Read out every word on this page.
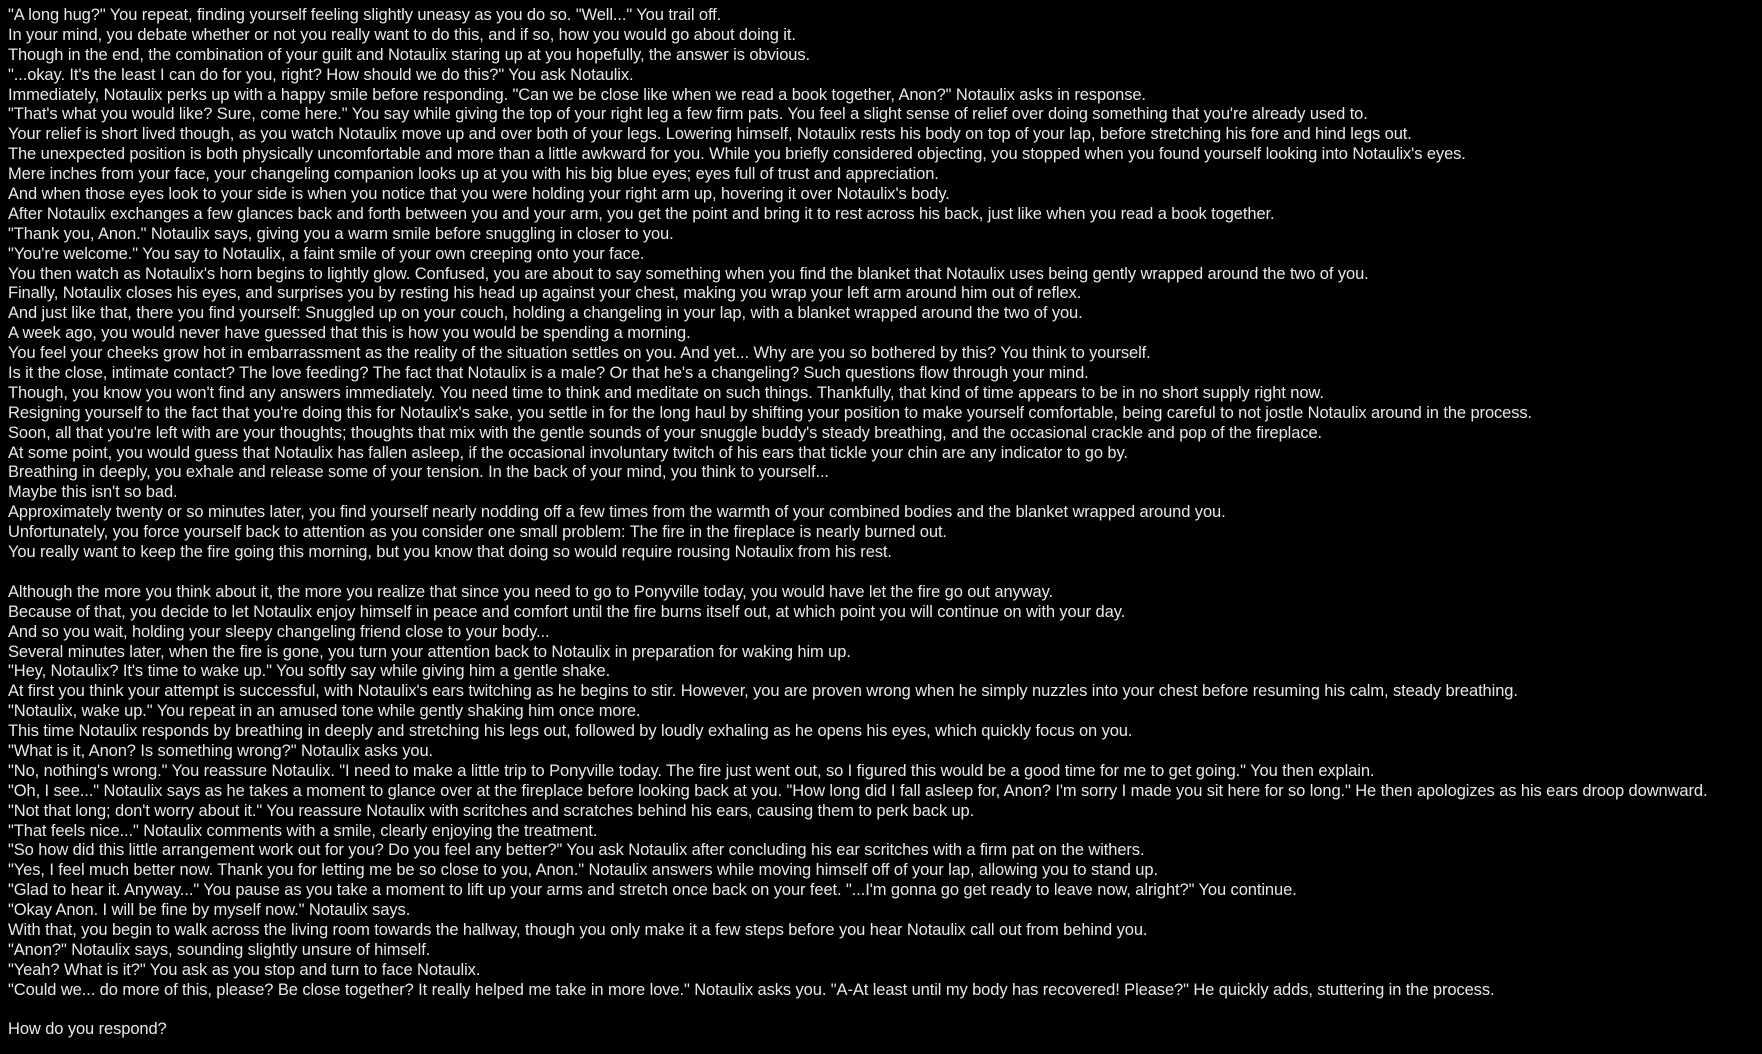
"A long hug?" You repeat, finding yourself feeling slightly uneasy as you do so. "Well..." You trail off.
In your mind, you debate whether or not you really want to do this, and if so, how you would go about doing it.
Though in the end, the combination of your guilt and Notaulix staring up at you hopefully, the answer is obvious.
"...okay. It's the least I can do for you, right? How should we do this?" You ask Notaulix.
Immediately, Notaulix perks up with a happy smile before responding. "Can we be close like when we read a book together, Anon?" Notaulix asks in response.
"That's what you would like? Sure, come here." You say while giving the top of your right leg a few firm pats. You feel a slight sense of relief over doing something that you're already used to.
Your relief is short lived though, as you watch Notaulix move up and over both of your legs. Lowering himself, Notaulix rests his body on top of your lap, before stretching his fore and hind legs out.
The unexpected position is both physically uncomfortable and more than a little awkward for you. While you briefly considered objecting, you stopped when you found yourself looking into Notaulix's eyes.
Mere inches from your face, your changeling companion looks up at you with his big blue eyes; eyes full of trust and appreciation.
And when those eyes look to your side is when you notice that you were holding your right arm up, hovering it over Notaulix's body.
After Notaulix exchanges a few glances back and forth between you and your arm, you get the point and bring it to rest across his back, just like when you read a book together.
"Thank you, Anon." Notaulix says, giving you a warm smile before snuggling in closer to you.
"You're welcome." You say to Notaulix, a faint smile of your own creeping onto your face.
You then watch as Notaulix's horn begins to lightly glow. Confused, you are about to say something when you find the blanket that Notaulix uses being gently wrapped around the two of you.
Finally, Notaulix closes his eyes, and surprises you by resting his head up against your chest, making you wrap your left arm around him out of reflex.
And just like that, there you find yourself: Snuggled up on your couch, holding a changeling in your lap, with a blanket wrapped around the two of you.
A week ago, you would never have guessed that this is how you would be spending a morning.
You feel your cheeks grow hot in embarrassment as the reality of the situation settles on you. And yet... Why are you so bothered by this? You think to yourself.
Is it the close, intimate contact? The love feeding? The fact that Notaulix is a male? Or that he's a changeling? Such questions flow through your mind.
Though, you know you won't find any answers immediately. You need time to think and meditate on such things. Thankfully, that kind of time appears to be in no short supply right now.
Resigning yourself to the fact that you're doing this for Notaulix's sake, you settle in for the long haul by shifting your position to make yourself comfortable, being careful to not jostle Notaulix around in the process.
Soon, all that you're left with are your thoughts; thoughts that mix with the gentle sounds of your snuggle buddy's steady breathing, and the occasional crackle and pop of the fireplace.
At some point, you would guess that Notaulix has fallen asleep, if the occasional involuntary twitch of his ears that tickle your chin are any indicator to go by.
Breathing in deeply, you exhale and release some of your tension. In the back of your mind, you think to yourself...
Maybe this isn't so bad.
Approximately twenty or so minutes later, you find yourself nearly nodding off a few times from the warmth of your combined bodies and the blanket wrapped around you.
Unfortunately, you force yourself back to attention as you consider one small problem: The fire in the fireplace is nearly burned out.
You really want to keep the fire going this morning, but you know that doing so would require rousing Notaulix from his rest.
Although the more you think about it, the more you realize that since you need to go to Ponyville today, you would have let the fire go out anyway.
Because of that, you decide to let Notaulix enjoy himself in peace and comfort until the fire burns itself out, at which point you will continue on with your day.
And so you wait, holding your sleepy changeling friend close to your body...
Several minutes later, when the fire is gone, you turn your attention back to Notaulix in preparation for waking him up.
"Hey, Notaulix? It's time to wake up." You softly say while giving him a gentle shake.
At first you think your attempt is successful, with Notaulix's ears twitching as he begins to stir. However, you are proven wrong when he simply nuzzles into your chest before resuming his calm, steady breathing.
"Notaulix, wake up." You repeat in an amused tone while gently shaking him once more.
This time Notaulix responds by breathing in deeply and stretching his legs out, followed by loudly exhaling as he opens his eyes, which quickly focus on you.
"What is it, Anon? Is something wrong?" Notaulix asks you.
"No, nothing's wrong." You reassure Notaulix. "I need to make a little trip to Ponyville today. The fire just went out, so I figured this would be a good time for me to get going." You then explain.
"Oh, I see..." Notaulix says as he takes a moment to glance over at the fireplace before looking back at you. "How long did I fall asleep for, Anon? I'm sorry I made you sit here for so long." He then apologizes as his ears droop downward.
"Not that long; don't worry about it." You reassure Notaulix with scritches and scratches behind his ears, causing them to perk back up.
"That feels nice..." Notaulix comments with a smile, clearly enjoying the treatment.
"So how did this little arrangement work out for you? Do you feel any better?" You ask Notaulix after concluding his ear scritches with a firm pat on the withers.
"Yes, I feel much better now. Thank you for letting me be so close to you, Anon." Notaulix answers while moving himself off of your lap, allowing you to stand up.
"Glad to hear it. Anyway..." You pause as you take a moment to lift up your arms and stretch once back on your feet. "...I'm gonna go get ready to leave now, alright?" You continue.
"Okay Anon. I will be fine by myself now." Notaulix says.
With that, you begin to walk across the living room towards the hallway, though you only make it a few steps before you hear Notaulix call out from behind you.
"Anon?" Notaulix says, sounding slightly unsure of himself.
"Yeah? What is it?" You ask as you stop and turn to face Notaulix.
"Could we... do more of this, please? Be close together? It really helped me take in more love." Notaulix asks you. "A-At least until my body has recovered! Please?" He quickly adds, stuttering in the process.
How do you respond?
